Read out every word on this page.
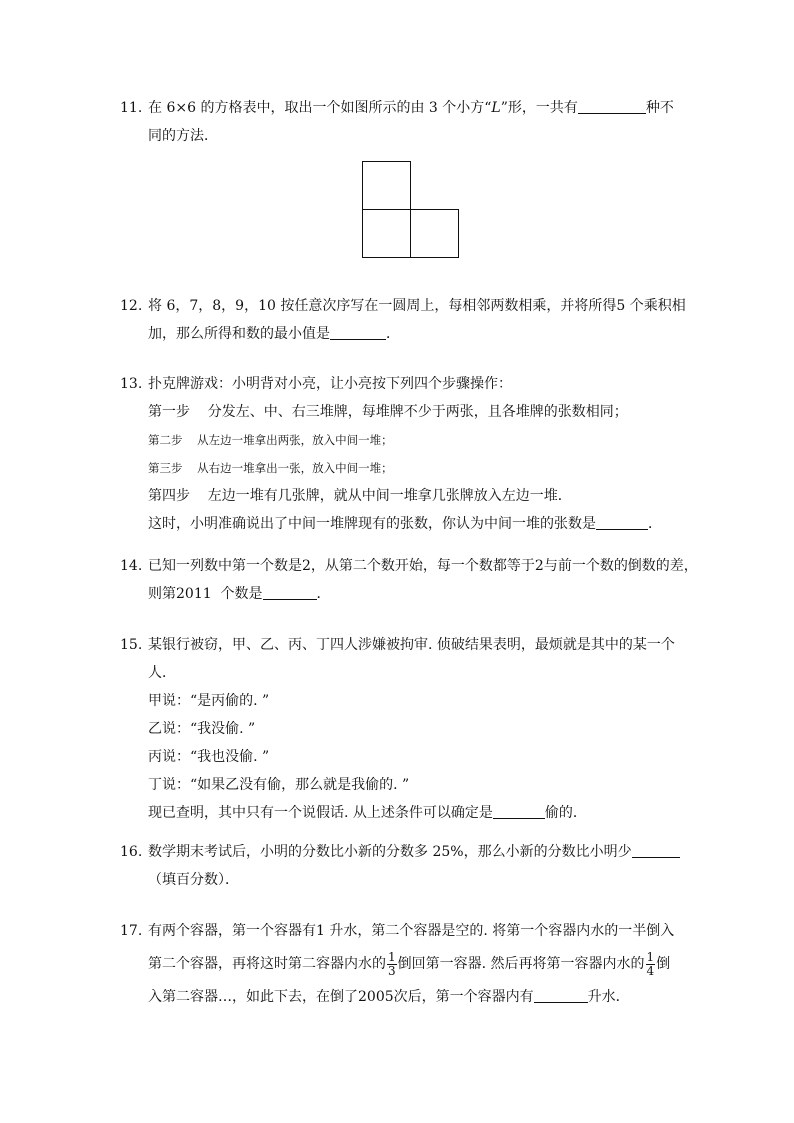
11. 在 6×6 的方格表中，取出一个如图所示的由 3 个小方“L”形，一共有	种不
同的方法．
12. 将 6，7，8，9，10 按任意次序写在一圆周上，每相邻两数相乘，并将所得5 个乘积相
加，那么所得和数的最小值是	．
13. 扑克牌游戏：小明背对小亮，让小亮按下列四个步骤操作：
第一步    分发左、中、右三堆牌，每堆牌不少于两张，且各堆牌的张数相同；
第二步    从左边一堆拿出两张，放入中间一堆；
第三步    从右边一堆拿出一张，放入中间一堆；
第四步    左边一堆有几张牌，就从中间一堆拿几张牌放入左边一堆．
这时，小明准确说出了中间一堆牌现有的张数，你认为中间一堆的张数是	．
14. 已知一列数中第一个数是2，从第二个数开始，每一个数都等于2与前一个数的倒数的差，
则第2011  个数是	．
15. 某银行被窃，甲、乙、丙、丁四人涉嫌被拘审. 侦破结果表明，最烦就是其中的某一个
人．
甲说：“是丙偷的. ”
乙说：“我没偷. ”
丙说：“我也没偷. ”
丁说：“如果乙没有偷，那么就是我偷的. ”
现已查明，其中只有一个说假话. 从上述条件可以确定是	偷的．
16. 数学期末考试后，小明的分数比小新的分数多 25%，那么小新的分数比小明少
（填百分数）．
17. 有两个容器，第一个容器有1 升水，第二个容器是空的. 将第一个容器内水的一半倒入
第二个容器，再将这时第二容器内水的 $\frac{1}{3}$ 倒回第一容器. 然后再将第一容器内水的 $\frac{1}{4}$ 倒
入第二容器…，如此下去，在倒了2005次后，第一个容器内有	升水．
